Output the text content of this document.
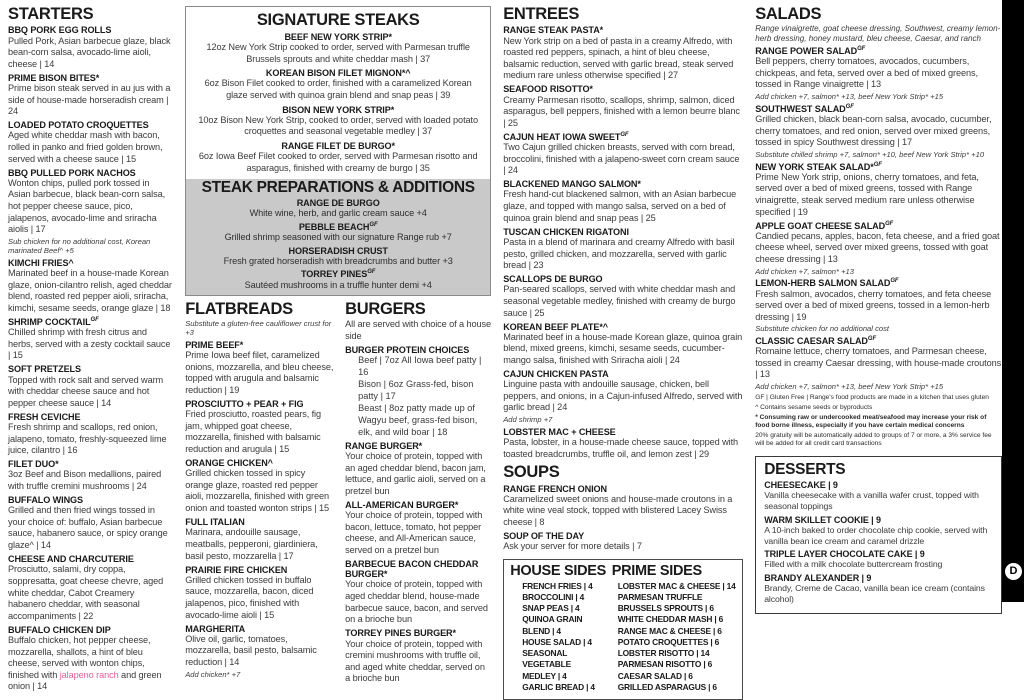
D
STARTERS
BBQ PORK EGG ROLLS

Pulled Pork, Asian barbecue glaze, black bean-corn salsa, avocado-lime aioli, cheese | 14

PRIME BISON BITES*

Prime bison steak served in au jus with a side of house-made horseradish cream | 24

LOADED POTATO CROQUETTES

Aged white cheddar mash with bacon, rolled in panko and fried golden brown, served with a cheese sauce | 15

BBQ PULLED PORK NACHOS

Wonton chips, pulled pork tossed in Asian barbecue, black bean-corn salsa, hot pepper cheese sauce, pico, jalapenos, avocado-lime and sriracha aiolis | 17

Sub chicken for no additional cost, Korean marinated Beef^ +5

KIMCHI FRIES^

Marinated beef in a house-made Korean glaze, onion-cilantro relish, aged cheddar blend, roasted red pepper aioli, sriracha, kimchi, sesame seeds, orange glaze | 18

SHRIMP $COCKTAIL^{GF}$

Chilled shrimp with fresh citrus and herbs, served with a zesty cocktail sauce | 15

SOFT PRETZELS

Topped with rock salt and served warm with cheddar cheese sauce and hot pepper cheese sauce | 14

FRESH CEVICHE

Fresh shrimp and scallops, red onion, jalapeno, tomato, freshly-squeezed lime juice, cilantro | 16

FILET DUO*

3oz Beef and Bison medallions, paired with truffle cremini mushrooms | 24

BUFFALO WINGS

Grilled and then fried wings tossed in your choice of: buffalo, Asian barbecue sauce, habanero sauce, or spicy orange glaze^ | 14

CHEESE AND CHARCUTERIE

Prosciutto, salami, dry coppa, soppresatta, goat cheese chevre, aged white cheddar, Cabot Creamery habanero cheddar, with seasonal accompaniments | 22

BUFFALO CHICKEN DIP

Buffalo chicken, hot pepper cheese, mozzarella, shallots, a hint of bleu cheese, served with wonton chips, finished with jalapeno ranch and green onion | 14

SIGNATURE STEAKS
BEEF NEW YORK STRIP*

12oz New York Strip cooked to order, served with Parmesan truffle Brussels sprouts and white cheddar mash | 37

KOREAN BISON FILET MIGNON*^

6oz Bison Filet cooked to order, finished with a caramelized Korean glaze served with quinoa grain blend and snap peas | 39

BISON NEW YORK STRIP*

10oz Bison New York Strip, cooked to order, served with loaded potato croquettes and seasonal vegetable medley | 37

RANGE FILET DE BURGO*

6oz Iowa Beef Filet cooked to order, served with Parmesan risotto and asparagus, finished with creamy de burgo | 35

STEAK PREPARATIONS & ADDITIONS
RANGE DE BURGO

White wine, herb, and garlic cream sauce +4

PEBBLE $BEACH^{GF}$

Grilled shrimp seasoned with our signature Range rub +7

HORSERADISH CRUST

Fresh grated horseradish with breadcrumbs and butter +3

TORREY $PINES^{GF}$

Sautéed mushrooms in a truffle hunter demi +4

FLATBREADS

Substitute a gluten-free cauliflower crust for +3

PRIME BEEF*

Prime Iowa beef filet, caramelized onions, mozzarella, and bleu cheese, topped with arugula and balsamic reduction | 19

PROSCIUTTO + PEAR + FIG

Fried prosciutto, roasted pears, fig jam, whipped goat cheese, mozzarella, finished with balsamic reduction and arugula | 15

ORANGE CHICKEN^

Grilled chicken tossed in spicy orange glaze, roasted red pepper aioli, mozzarella, finished with green onion and toasted wonton strips | 15

FULL ITALIAN

Marinara, andouille sausage, meatballs, pepperoni, giardiniera, basil pesto, mozzarella | 17

PRAIRIE FIRE CHICKEN

Grilled chicken tossed in buffalo sauce, mozzarella, bacon, diced jalapenos, pico, finished with avocado-lime aioli | 15

MARGHERITA

Olive oil, garlic, tomatoes, mozzarella, basil pesto, balsamic reduction | 14

Add chicken* +7

BURGERS

All are served with choice of a house side

BURGER PROTEIN CHOICES

Beef | 7oz All Iowa beef patty | 16

Bison | 6oz Grass-fed, bison patty | 17

Beast | 8oz patty made up of Wagyu beef, grass-fed bison, elk, and wild boar | 18

RANGE BURGER*

Your choice of protein, topped with an aged cheddar blend, bacon jam, lettuce, and garlic aioli, served on a pretzel bun

ALL-AMERICAN BURGER*

Your choice of protein, topped with bacon, lettuce, tomato, hot pepper cheese, and All-American sauce, served on a pretzel bun

BARBECUE BACON CHEDDAR BURGER*

Your choice of protein, topped with aged cheddar blend, house-made barbecue sauce, bacon, and served on a brioche bun

TORREY PINES BURGER*

Your choice of protein, topped with cremini mushrooms with truffle oil, and aged white cheddar, served on a brioche bun

ENTREES
RANGE STEAK PASTA*

New York strip on a bed of pasta in a creamy Alfredo, with roasted red peppers, spinach, a hint of bleu cheese, balsamic reduction, served with garlic bread, steak served medium rare unless otherwise specified | 27

SEAFOOD RISOTTO*

Creamy Parmesan risotto, scallops, shrimp, salmon, diced asparagus, bell peppers, finished with a lemon beurre blanc | 25

CAJUN HEAT IOWA $SWEET^{GF}$

Two Cajun grilled chicken breasts, served with corn bread, broccolini, finished with a jalapeno-sweet corn cream sauce | 24

BLACKENED MANGO SALMON*

Fresh hand-cut blackened salmon, with an Asian barbecue glaze, and topped with mango salsa, served on a bed of quinoa grain blend and snap peas | 25

TUSCAN CHICKEN RIGATONI

Pasta in a blend of marinara and creamy Alfredo with basil pesto, grilled chicken, and mozzarella, served with garlic bread | 23

SCALLOPS DE BURGO

Pan-seared scallops, served with white cheddar mash and seasonal vegetable medley, finished with creamy de burgo sauce | 25

KOREAN BEEF PLATE*^

Marinated beef in a house-made Korean glaze, quinoa grain blend, mixed greens, kimchi, sesame seeds, cucumber-mango salsa, finished with Sriracha aioli | 24

CAJUN CHICKEN PASTA

Linguine pasta with andouille sausage, chicken, bell peppers, and onions, in a Cajun-infused Alfredo, served with garlic bread | 24

Add shrimp +7

LOBSTER MAC + CHEESE

Pasta, lobster, in a house-made cheese sauce, topped with toasted breadcrumbs, truffle oil, and lemon zest | 29

SOUPS
RANGE FRENCH ONION

Caramelized sweet onions and house-made croutons in a white wine veal stock, topped with blistered Lacey Swiss cheese | 8

SOUP OF THE DAY

Ask your server for more details | 7

HOUSE SIDES
FRENCH FRIES | 4
BROCCOLINI | 4
SNAP PEAS | 4
QUINOA GRAIN BLEND | 4
HOUSE SALAD | 4
SEASONAL VEGETABLE
MEDLEY | 4
GARLIC BREAD | 4
PRIME SIDES
LOBSTER MAC & CHEESE | 14
PARMESAN TRUFFLE BRUSSELS SPROUTS | 6
WHITE CHEDDAR MASH | 6
RANGE MAC & CHEESE | 6
POTATO CROQUETTES | 6
LOBSTER RISOTTO | 14
PARMESAN RISOTTO | 6
CAESAR SALAD | 6
GRILLED ASPARAGUS | 6
SALADS

Range vinaigrette, goat cheese dressing, Southwest, creamy lemon-herb dressing, honey mustard, bleu cheese, Caesar, and ranch

RANGE POWER $SALAD^{GF}$

Bell peppers, cherry tomatoes, avocados, cucumbers, chickpeas, and feta, served over a bed of mixed greens, tossed in Range vinaigrette | 13

Add chicken +7, salmon* +13, beef New York Strip* +15

SOUTHWEST $SALAD^{GF}$

Grilled chicken, black bean-corn salsa, avocado, cucumber, cherry tomatoes, and red onion, served over mixed greens, tossed in spicy Southwest dressing | 17

Substitute chilled shrimp +7, salmon* +10, beef New York Strip* +10

NEW YORK STEAK SALAD*$^{GF}$

Prime New York strip, onions, cherry tomatoes, and feta, served over a bed of mixed greens, tossed with Range vinaigrette, steak served medium rare unless otherwise specified | 19

APPLE GOAT CHEESE $SALAD^{GF}$

Candied pecans, apples, bacon, feta cheese, and a fried goat cheese wheel, served over mixed greens, tossed with goat cheese dressing | 13

Add chicken +7, salmon* +13

LEMON-HERB SALMON $SALAD^{GF}$

Fresh salmon, avocados, cherry tomatoes, and feta cheese served over a bed of mixed greens, tossed in a lemon-herb dressing | 19

Substitute chicken for no additional cost

CLASSIC CAESAR $SALAD^{GF}$

Romaine lettuce, cherry tomatoes, and Parmesan cheese, tossed in creamy Caesar dressing, with house-made croutons | 13

Add chicken +7, salmon* +13, beef New York Strip* +15

GF | Gluten Free | Range's food products are made in a kitchen that uses gluten

^ Contains sesame seeds or byproducts

* Consuming raw or undercooked meat/seafood may increase your risk of food borne illness, especially if you have certain medical concerns

20% gratuity will be automatically added to groups of 7 or more, a 3% service fee will be added for all credit card transactions

DESSERTS
CHEESECAKE | 9

Vanilla cheesecake with a vanilla wafer crust, topped with seasonal toppings

WARM SKILLET COOKIE | 9

A 10-inch baked to order chocolate chip cookie, served with vanilla bean ice cream and caramel drizzle

TRIPLE LAYER CHOCOLATE CAKE | 9

Filled with a milk chocolate buttercream frosting

BRANDY ALEXANDER | 9

Brandy, Creme de Cacao, vanilla bean ice cream (contains alcohol)
